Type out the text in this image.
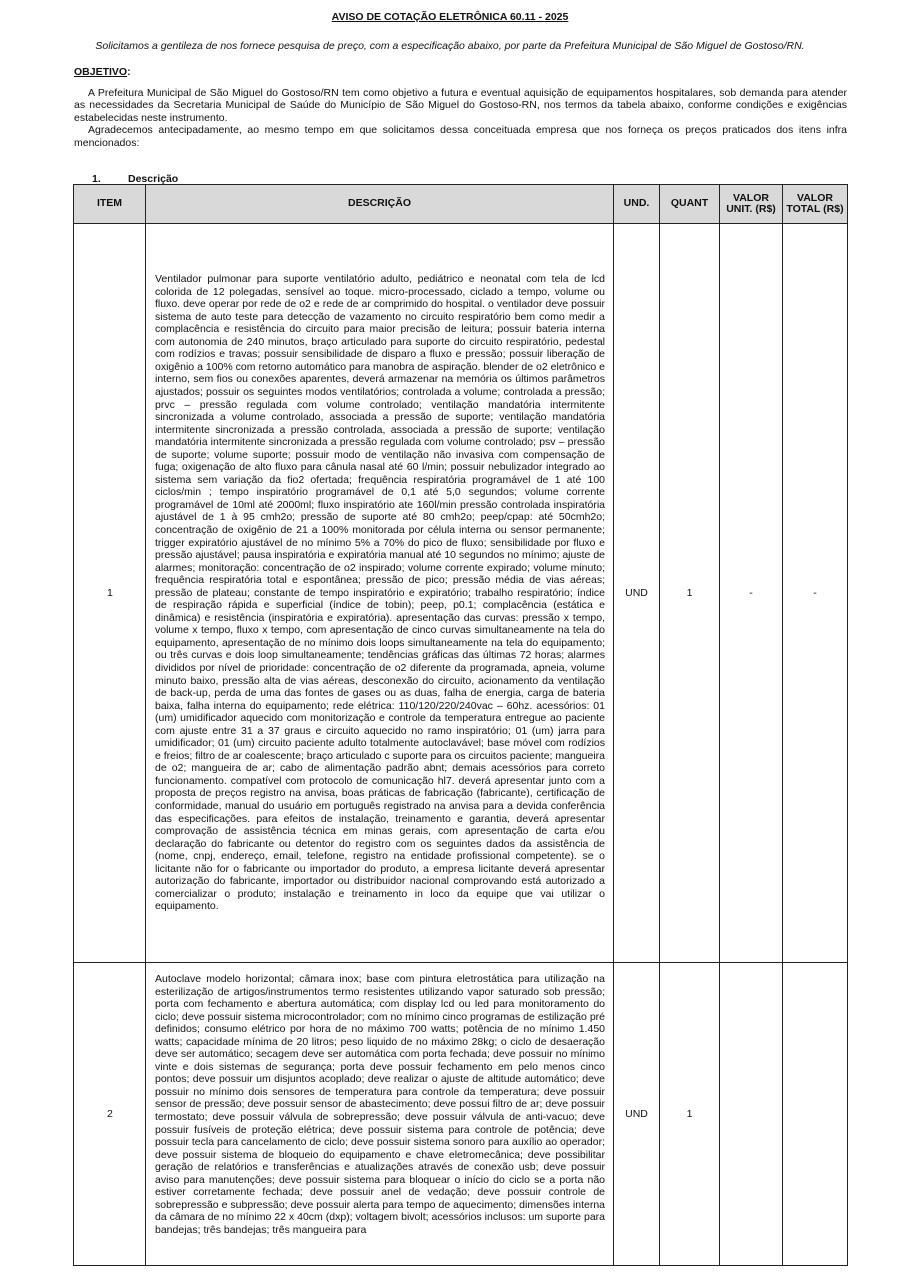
AVISO DE COTAÇÃO ELETRÔNICA 60.11 - 2025
Solicitamos a gentileza de nos fornece pesquisa de preço, com a especificação abaixo, por parte da Prefeitura Municipal de São Miguel de Gostoso/RN.
OBJETIVO:

A Prefeitura Municipal de São Miguel do Gostoso/RN tem como objetivo a futura e eventual aquisição de equipamentos hospitalares, sob demanda para atender as necessidades da Secretaria Municipal de Saúde do Município de São Miguel do Gostoso-RN, nos termos da tabela abaixo, conforme condições e exigências estabelecidas neste instrumento.

Agradecemos antecipadamente, ao mesmo tempo em que solicitamos dessa conceituada empresa que nos forneça os preços praticados dos itens infra mencionados:

1.	Descrição
ITEM	DESCRIÇÃO	UND.	QUANT	VALOR UNIT. (R$)	VALOR TOTAL (R$)
1	Ventilador pulmonar para suporte ventilatório adulto, pediátrico e neonatal com tela de lcd colorida de 12 polegadas, sensível ao toque. micro-processado, ciclado a tempo, volume ou fluxo. deve operar por rede de o2 e rede de ar comprimido do hospital. o ventilador deve possuir sistema de auto teste para detecção de vazamento no circuito respiratório bem como medir a complacência e resistência do circuito para maior precisão de leitura; possuir bateria interna com autonomia de 240 minutos, braço articulado para suporte do circuito respiratório, pedestal com rodízios e travas; possuir sensibilidade de disparo a fluxo e pressão; possuir liberação de oxigênio a 100% com retorno automático para manobra de aspiração. blender de o2 eletrônico e interno, sem fios ou conexões aparentes, deverá armazenar na memória os últimos parâmetros ajustados; possuir os seguintes modos ventilatórios; controlada a volume; controlada a pressão; prvc – pressão regulada com volume controlado; ventilação mandatória intermitente sincronizada a volume controlado, associada a pressão de suporte; ventilação mandatória intermitente sincronizada a pressão controlada, associada a pressão de suporte; ventilação mandatória intermitente sincronizada a pressão regulada com volume controlado; psv – pressão de suporte; volume suporte; possuir modo de ventilação não invasiva com compensação de fuga; oxigenação de alto fluxo para cânula nasal até 60 l/min; possuir nebulizador integrado ao sistema sem variação da fio2 ofertada; frequência respiratória programável de 1 até 100 ciclos/min ; tempo inspiratório programável de 0,1 até 5,0 segundos; volume corrente programável de 10ml até 2000ml; fluxo inspiratório ate 160l/min pressão controlada inspiratória ajustável de 1 à 95 cmh2o; pressão de suporte até 80 cmh2o; peep/cpap: até 50cmh2o; concentração de oxigênio de 21 a 100% monitorada por célula interna ou sensor permanente; trigger expiratório ajustável de no mínimo 5% a 70% do pico de fluxo; sensibilidade por fluxo e pressão ajustável; pausa inspiratória e expiratória manual até 10 segundos no mínimo; ajuste de alarmes; monitoração: concentração de o2 inspirado; volume corrente expirado; volume minuto; frequência respiratória total e espontânea; pressão de pico; pressão média de vias aéreas; pressão de plateau; constante de tempo inspiratório e expiratório; trabalho respiratório; índice de respiração rápida e superficial (índice de tobin); peep, p0.1; complacência (estática e dinâmica) e resistência (inspiratória e expiratória). apresentação das curvas: pressão x tempo, volume x tempo, fluxo x tempo, com apresentação de cinco curvas simultaneamente na tela do equipamento, apresentação de no mínimo dois loops simultaneamente na tela do equipamento; ou três curvas e dois loop simultaneamente; tendências gráficas das últimas 72 horas; alarmes divididos por nível de prioridade: concentração de o2 diferente da programada, apneia, volume minuto baixo, pressão alta de vias aéreas, desconexão do circuito, acionamento da ventilação de back-up, perda de uma das fontes de gases ou as duas, falha de energia, carga de bateria baixa, falha interna do equipamento; rede elétrica: 110/120/220/240vac – 60hz. acessórios: 01 (um) umidificador aquecido com monitorização e controle da temperatura entregue ao paciente com ajuste entre 31 a 37 graus e circuito aquecido no ramo inspiratório; 01 (um) jarra para umidificador; 01 (um) circuito paciente adulto totalmente autoclavável; base móvel com rodízios e freios; filtro de ar coalescente; braço articulado c suporte para os circuitos paciente; mangueira de o2; mangueira de ar; cabo de alimentação padrão abnt; demais acessórios para correto funcionamento. compatível com protocolo de comunicação hl7. deverá apresentar junto com a proposta de preços registro na anvisa, boas práticas de fabricação (fabricante), certificação de conformidade, manual do usuário em português registrado na anvisa para a devida conferência das especificações. para efeitos de instalação, treinamento e garantia, deverá apresentar comprovação de assistência técnica em minas gerais, com apresentação de carta e/ou declaração do fabricante ou detentor do registro com os seguintes dados da assistência de (nome, cnpj, endereço, email, telefone, registro na entidade profissional competente). se o licitante não for o fabricante ou importador do produto, a empresa licitante deverá apresentar autorização do fabricante, importador ou distribuidor nacional comprovando está autorizado a comercializar o produto; instalação e treinamento in loco da equipe que vai utilizar o equipamento.	UND	1	-	-
2	Autoclave modelo horizontal; câmara inox; base com pintura eletrostática para utilização na esterilização de artigos/instrumentos termo resistentes utilizando vapor saturado sob pressão; porta com fechamento e abertura automática; com display lcd ou led para monitoramento do ciclo; deve possuir sistema microcontrolador; com no mínimo cinco programas de estilização pré definidos; consumo elétrico por hora de no máximo 700 watts; potência de no mínimo 1.450 watts; capacidade mínima de 20 litros; peso liquido de no máximo 28kg; o ciclo de desaeração deve ser automático; secagem deve ser automática com porta fechada; deve possuir no mínimo vinte e dois sistemas de segurança; porta deve possuir fechamento em pelo menos cinco pontos; deve possuir um disjuntos acoplado; deve realizar o ajuste de altitude automático; deve possuir no mínimo dois sensores de temperatura para controle da temperatura; deve possuir sensor de pressão; deve possuir sensor de abastecimento; deve possui filtro de ar; deve possuir termostato; deve possuir válvula de sobrepressão; deve possuir válvula de anti-vacuo; deve possuir fusíveis de proteção elétrica; deve possuir sistema para controle de potência; deve possuir tecla para cancelamento de ciclo; deve possuir sistema sonoro para auxílio ao operador; deve possuir sistema de bloqueio do equipamento e chave eletromecânica; deve possibilitar geração de relatórios e transferências e atualizações através de conexão usb; deve possuir aviso para manutenções; deve possuir sistema para bloquear o início do ciclo se a porta não estiver corretamente fechada; deve possuir anel de vedação; deve possuir controle de sobrepressão e subpressão; deve possuir alerta para tempo de aquecimento; dimensões interna da câmara de no mínimo 22 x 40cm (dxp); voltagem bivolt; acessórios inclusos: um suporte para bandejas; três bandejas; três mangueira para	UND	1		
